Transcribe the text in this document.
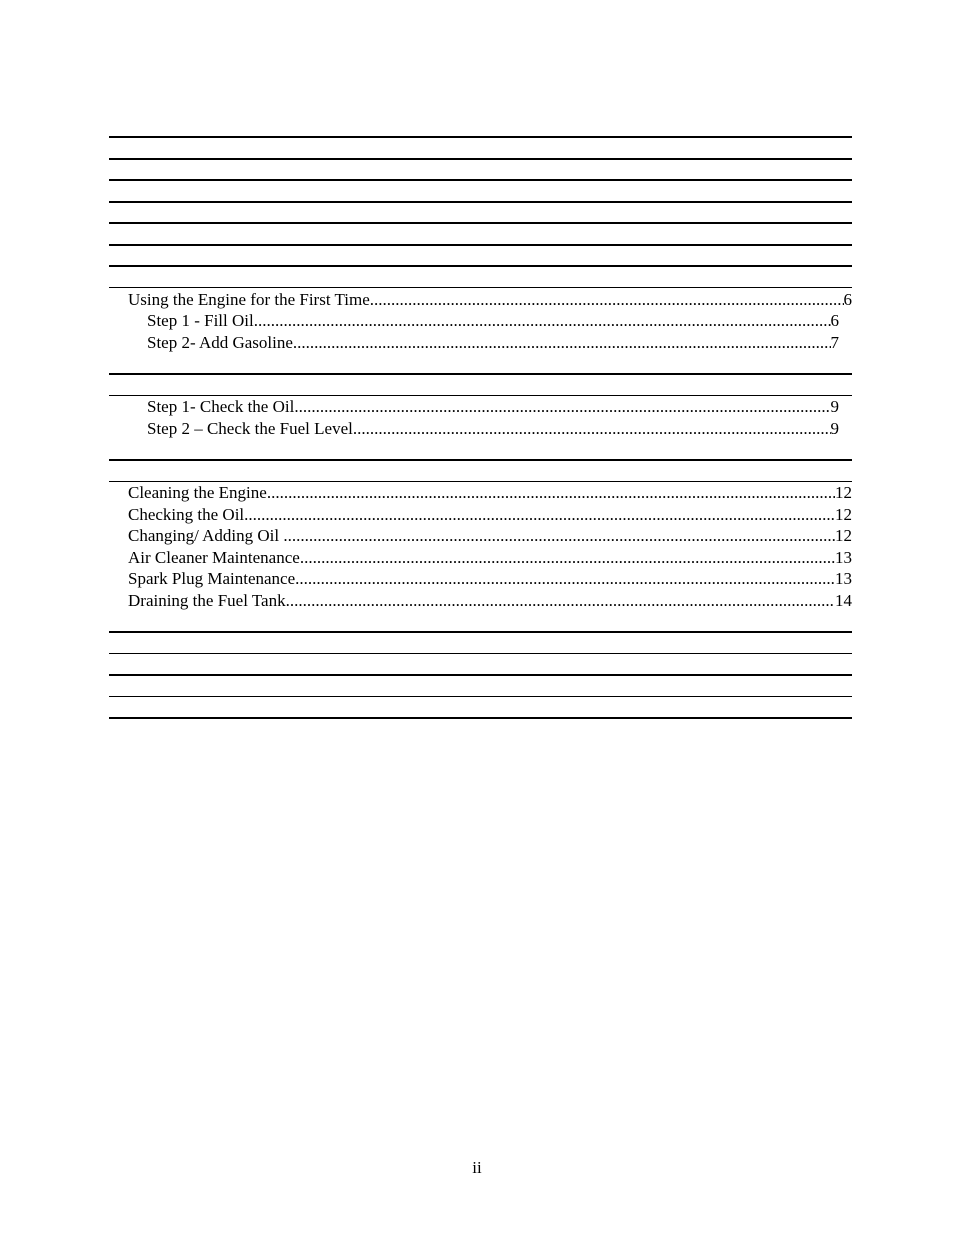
Using the Engine for the First Time .....	6
Step 1 - Fill Oil .....	6
Step 2- Add Gasoline .....	7
Step 1- Check the Oil .....	9
Step 2 – Check the Fuel Level .....	9
Cleaning the Engine .....	12
Checking the Oil .....	12
Changing/ Adding Oil .....	12
Air Cleaner Maintenance .....	13
Spark Plug Maintenance .....	13
Draining the Fuel Tank .....	14
ii
